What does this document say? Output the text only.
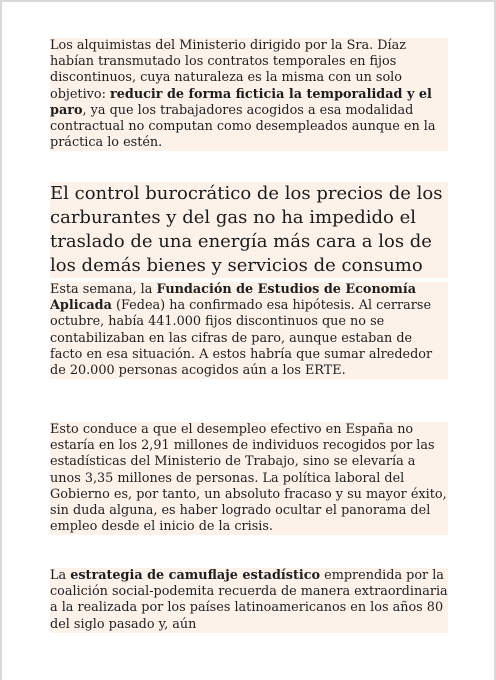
Los alquimistas del Ministerio dirigido por la Sra. Díaz habían transmutado los contratos temporales en fijos discontinuos, cuya naturaleza es la misma con un solo objetivo: reducir de forma ficticia la temporalidad y el paro, ya que los trabajadores acogidos a esa modalidad contractual no computan como desempleados aunque en la práctica lo estén.

El control burocrático de los precios de los carburantes y del gas no ha impedido el traslado de una energía más cara a los de los demás bienes y servicios de consumo

Esta semana, la Fundación de Estudios de Economía Aplicada (Fedea) ha confirmado esa hipótesis. Al cerrarse octubre, había 441.000 fijos discontinuos que no se contabilizaban en las cifras de paro, aunque estaban de facto en esa situación. A estos habría que sumar alrededor de 20.000 personas acogidos aún a los ERTE.

Esto conduce a que el desempleo efectivo en España no estaría en los 2,91 millones de individuos recogidos por las estadísticas del Ministerio de Trabajo, sino se elevaría a unos 3,35 millones de personas. La política laboral del Gobierno es, por tanto, un absoluto fracaso y su mayor éxito, sin duda alguna, es haber logrado ocultar el panorama del empleo desde el inicio de la crisis.

La estrategia de camuflaje estadístico emprendida por la coalición social-podemita recuerda de manera extraordinaria a la realizada por los países latinoamericanos en los años 80 del siglo pasado y, aún
